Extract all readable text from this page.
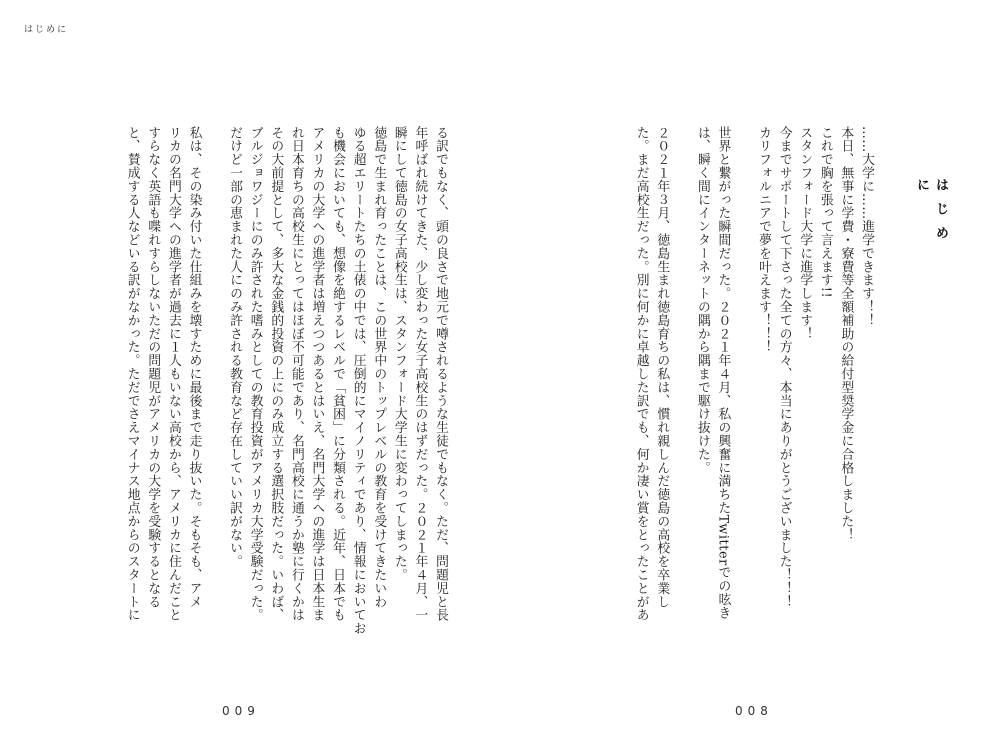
はじめに
はじめに
……大学に……進学できます！！
本日、無事に学費・寮費等全額補助の給付型奨学金に合格しました！
これで胸を張って言えます!!
スタンフォード大学に進学します！
今までサポートして下さった全ての方々、本当にありがとうございました！！！
カリフォルニアで夢を叶えます！！！
世界と繋がった瞬間だった。２０２１年４月、私の興奮に満ちたTwitterでの呟き
は、瞬く間にインターネットの隅から隅まで駆け抜けた。
２０２１年３月、徳島生まれ徳島育ちの私は、慣れ親しんだ徳島の高校を卒業し
た。まだ高校生だった。別に何かに卓越した訳でも、何か凄い賞をとったことがあ
る訳でもなく、頭の良さで地元で噂されるような生徒でもなく。ただ、問題児と長
年呼ばれ続けてきた、少し変わった女子高校生のはずだった。２０２１年４月、一
瞬にして徳島の女子高校生は、スタンフォード大学生に変わってしまった。
徳島で生まれ育ったことは、この世界中のトップレベルの教育を受けてきたいわ
ゆる超エリートたちの土俵の中では、圧倒的にマイノリティであり、情報においてお
も機会においても、想像を絶するレベルで「貧困」に分類される。近年、日本でも
アメリカの大学への進学者は増えつつあるとはいえ、名門大学への進学は日本生ま
れ日本育ちの高校生にとってはほぼ不可能であり、名門高校に通うか塾に行くかは
その大前提として、多大な金銭的投資の上にのみ成立する選択肢だった。いわば、
ブルジョワジーにのみ許された嗜みとしての教育投資がアメリカ大学受験だった。
だけど一部の恵まれた人にのみ許される教育など存在していい訳がない。
私は、その染み付いた仕組みを壊すために最後まで走り抜いた。そもそも、アメ
リカの名門大学への進学者が過去に１人もいない高校から、アメリカに住んだこと
すらなく英語も喋れすらしないただの問題児がアメリカの大学を受験するとなる
と、賛成する人などいる訳がなかった。ただでさえマイナス地点からのスタートに
009	008
